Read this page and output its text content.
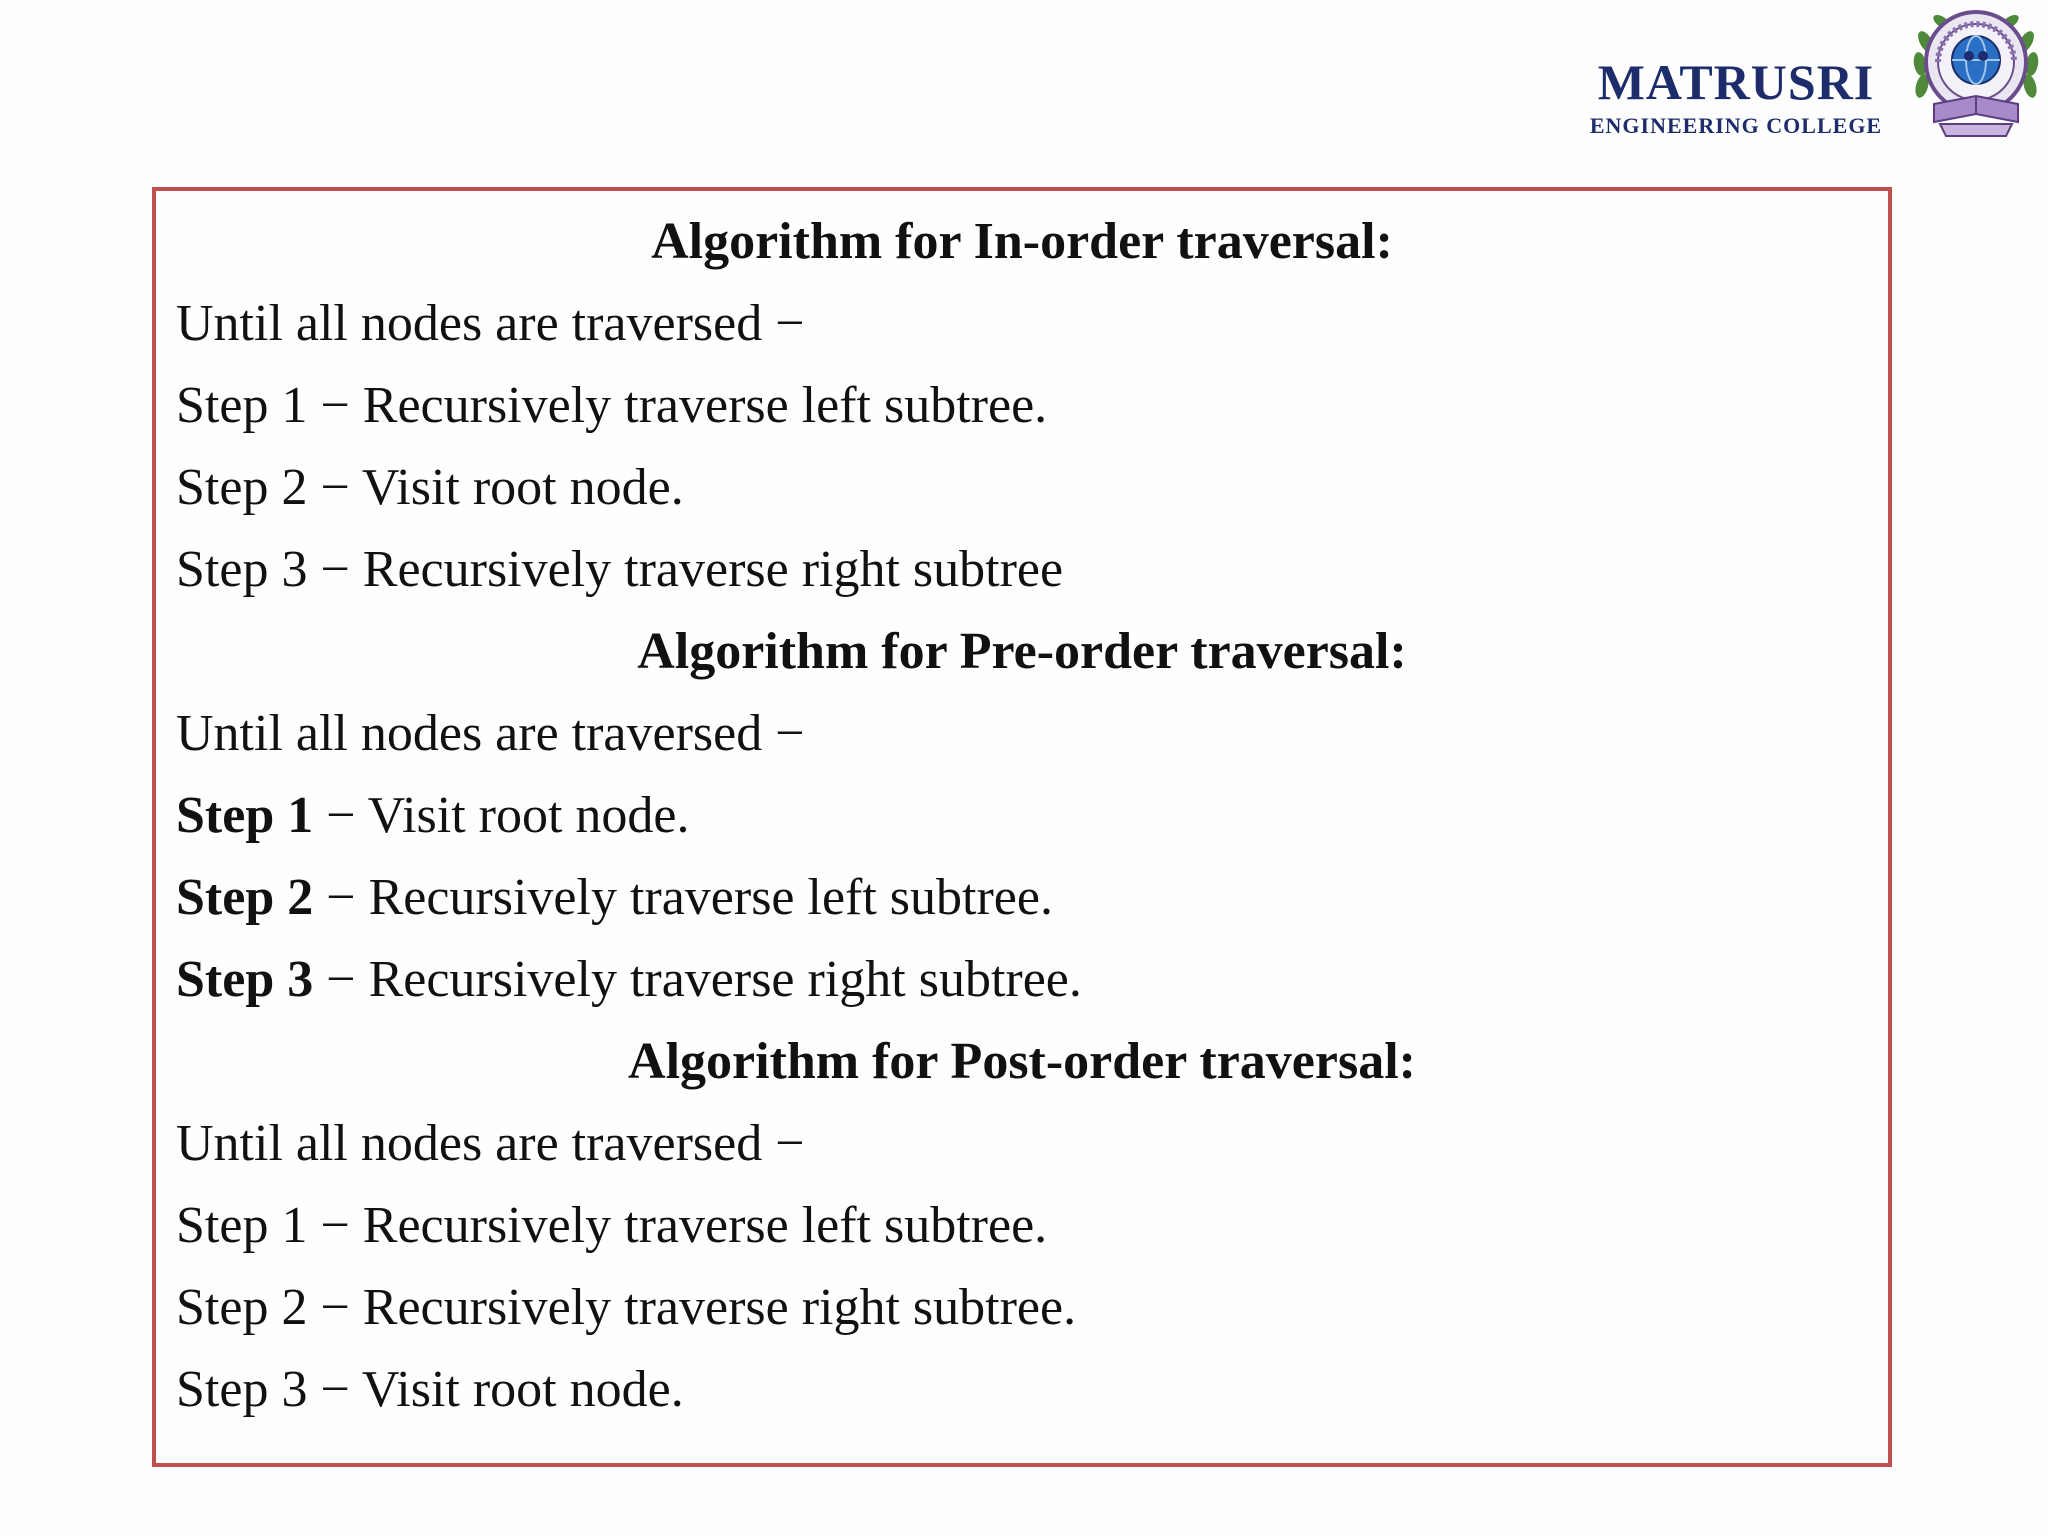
MATRUSRI
ENGINEERING COLLEGE
Algorithm for In-order traversal:
Until all nodes are traversed −
Step 1 − Recursively traverse left subtree.
Step 2 − Visit root node.
Step 3 − Recursively traverse right subtree
Algorithm for Pre-order traversal:
Until all nodes are traversed −
Step 1 − Visit root node.
Step 2 − Recursively traverse left subtree.
Step 3 − Recursively traverse right subtree.
Algorithm for Post-order traversal:
Until all nodes are traversed −
Step 1 − Recursively traverse left subtree.
Step 2 − Recursively traverse right subtree.
Step 3 − Visit root node.
